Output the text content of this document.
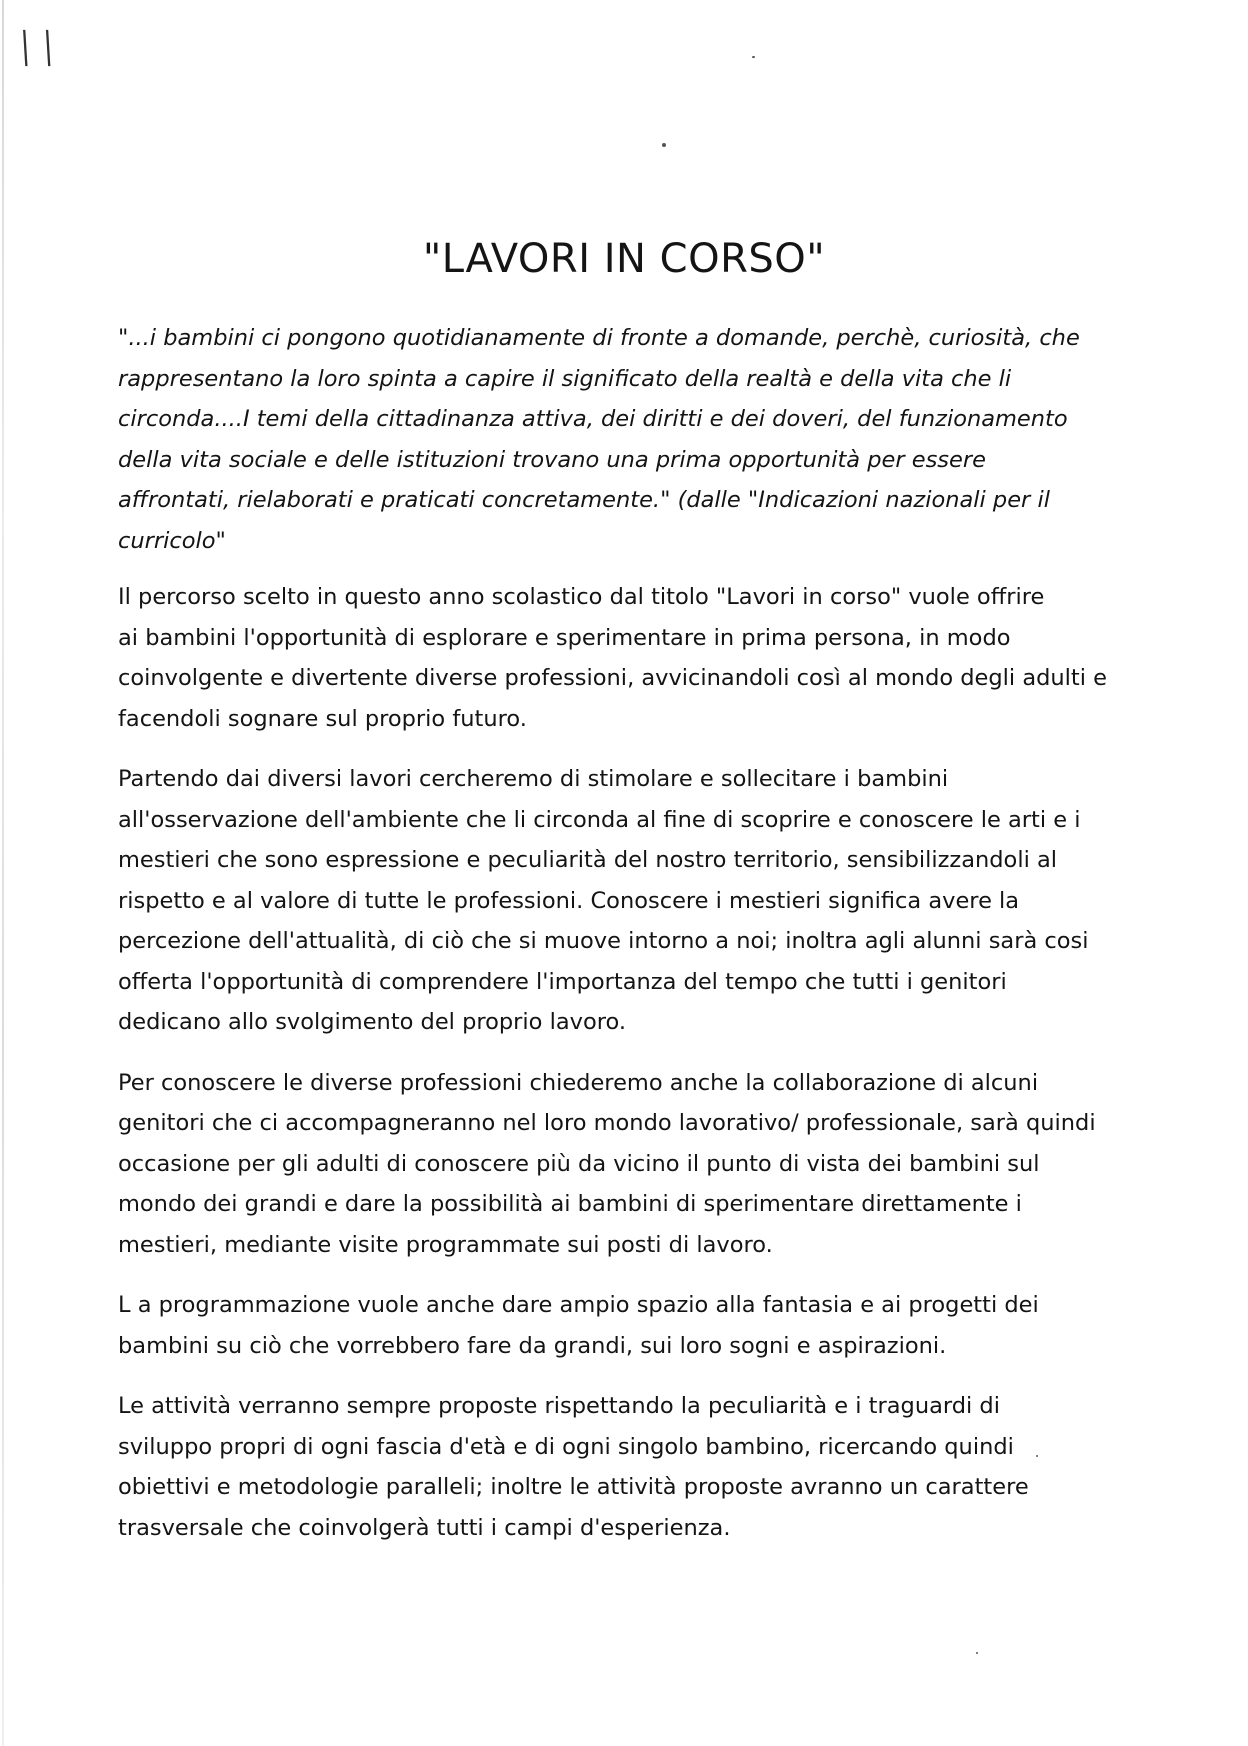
\\
"LAVORI IN CORSO"

"...i bambini ci pongono quotidianamente di fronte a domande, perchè, curiosità, che
rappresentano la loro spinta a capire il significato della realtà e della vita che li
circonda....I temi della cittadinanza attiva, dei diritti e dei doveri, del funzionamento
della vita sociale e delle istituzioni trovano una prima opportunità per essere
affrontati, rielaborati e praticati concretamente." (dalle "Indicazioni nazionali per il
curricolo"

Il percorso scelto in questo anno scolastico dal titolo "Lavori in corso" vuole offrire
ai bambini l'opportunità di esplorare e sperimentare in prima persona, in modo
coinvolgente e divertente diverse professioni, avvicinandoli così al mondo degli adulti e
facendoli sognare sul proprio futuro.

Partendo dai diversi lavori cercheremo di stimolare e sollecitare i bambini
all'osservazione dell'ambiente che li circonda al fine di scoprire e conoscere le arti e i
mestieri che sono espressione e peculiarità del nostro territorio, sensibilizzandoli al
rispetto e al valore di tutte le professioni. Conoscere i mestieri significa avere la
percezione dell'attualità, di ciò che si muove intorno a noi; inoltra agli alunni sarà cosi
offerta l'opportunità di comprendere l'importanza del tempo che tutti i genitori
dedicano allo svolgimento del proprio lavoro.

Per conoscere le diverse professioni chiederemo anche la collaborazione di alcuni
genitori che ci accompagneranno nel loro mondo lavorativo/ professionale, sarà quindi
occasione per gli adulti di conoscere più da vicino il punto di vista dei bambini sul
mondo dei grandi e dare la possibilità ai bambini di sperimentare direttamente i
mestieri, mediante visite programmate sui posti di lavoro.

L a programmazione vuole anche dare ampio spazio alla fantasia e ai progetti dei
bambini su ciò che vorrebbero fare da grandi, sui loro sogni e aspirazioni.

Le attività verranno sempre proposte rispettando la peculiarità e i traguardi di
sviluppo propri di ogni fascia d'età e di ogni singolo bambino, ricercando quindi
obiettivi e metodologie paralleli; inoltre le attività proposte avranno un carattere
trasversale che coinvolgerà tutti i campi d'esperienza.
